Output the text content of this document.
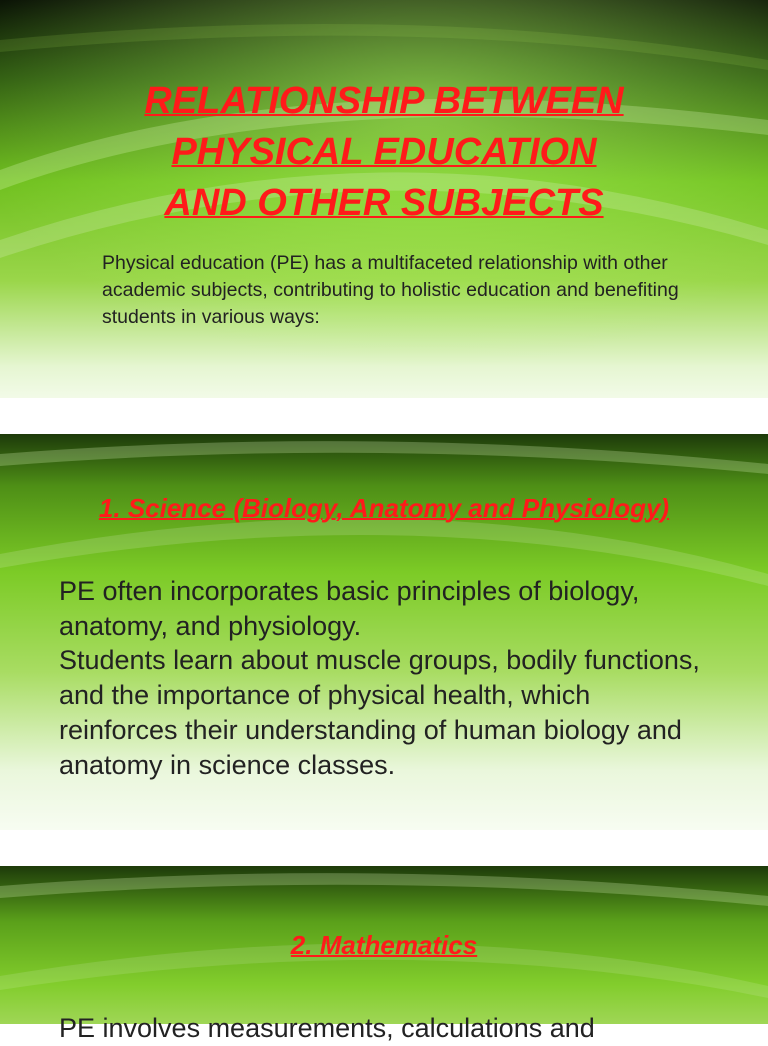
RELATIONSHIP BETWEEN
PHYSICAL EDUCATION
AND OTHER SUBJECTS

Physical education (PE) has a multifaceted relationship with other academic subjects, contributing to holistic education and benefiting students in various ways:

1. Science (Biology, Anatomy and Physiology)

PE often incorporates basic principles of biology, anatomy, and physiology.

Students learn about muscle groups, bodily functions, and the importance of physical health, which reinforces their understanding of human biology and anatomy in science classes.

2. Mathematics

PE involves measurements, calculations and
